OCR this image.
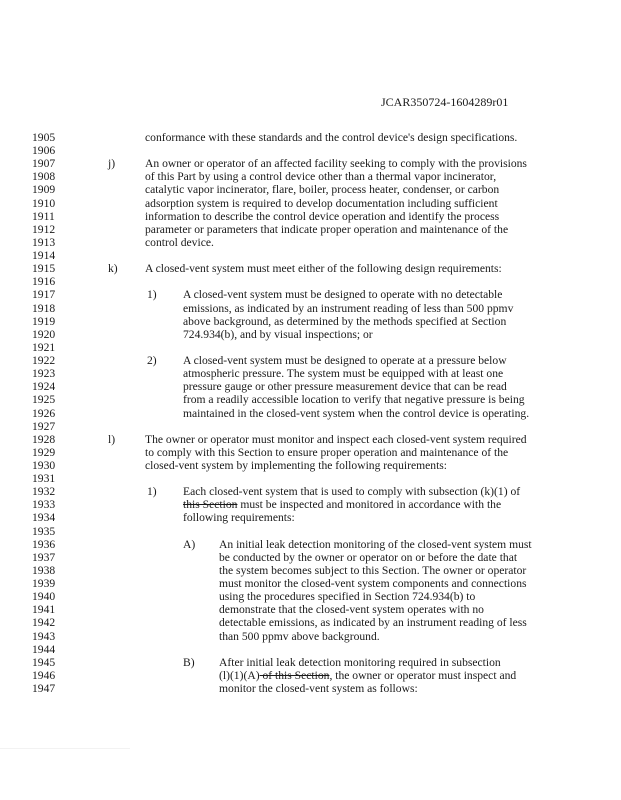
JCAR350724-1604289r01
1905	conformance with these standards and the control device's design specifications.
1906
1907	j)	An owner or operator of an affected facility seeking to comply with the provisions
1908	of this Part by using a control device other than a thermal vapor incinerator,
1909	catalytic vapor incinerator, flare, boiler, process heater, condenser, or carbon
1910	adsorption system is required to develop documentation including sufficient
1911	information to describe the control device operation and identify the process
1912	parameter or parameters that indicate proper operation and maintenance of the
1913	control device.
1914
1915	k) A closed-vent system must meet either of the following design requirements:
1916
1917	1) A closed-vent system must be designed to operate with no detectable
1918	emissions, as indicated by an instrument reading of less than 500 ppmv
1919	above background, as determined by the methods specified at Section
1920	724.934(b), and by visual inspections; or
1921
1922	2) A closed-vent system must be designed to operate at a pressure below
1923	atmospheric pressure. The system must be equipped with at least one
1924	pressure gauge or other pressure measurement device that can be read
1925	from a readily accessible location to verify that negative pressure is being
1926	maintained in the closed-vent system when the control device is operating.
1927
1928	l)	The owner or operator must monitor and inspect each closed-vent system required
1929	to comply with this Section to ensure proper operation and maintenance of the
1930	closed-vent system by implementing the following requirements:
1931
1932	1) Each closed-vent system that is used to comply with subsection (k)(1) of
1933	this Section must be inspected and monitored in accordance with the
1934	following requirements:
1935
1936	A) An initial leak detection monitoring of the closed-vent system must
1937	be conducted by the owner or operator on or before the date that
1938	the system becomes subject to this Section. The owner or operator
1939	must monitor the closed-vent system components and connections
1940	using the procedures specified in Section 724.934(b) to
1941	demonstrate that the closed-vent system operates with no
1942	detectable emissions, as indicated by an instrument reading of less
1943	than 500 ppmv above background.
1944
1945	B) After initial leak detection monitoring required in subsection
1946	(l)(1)(A) of this Section, the owner or operator must inspect and
1947	monitor the closed-vent system as follows:
